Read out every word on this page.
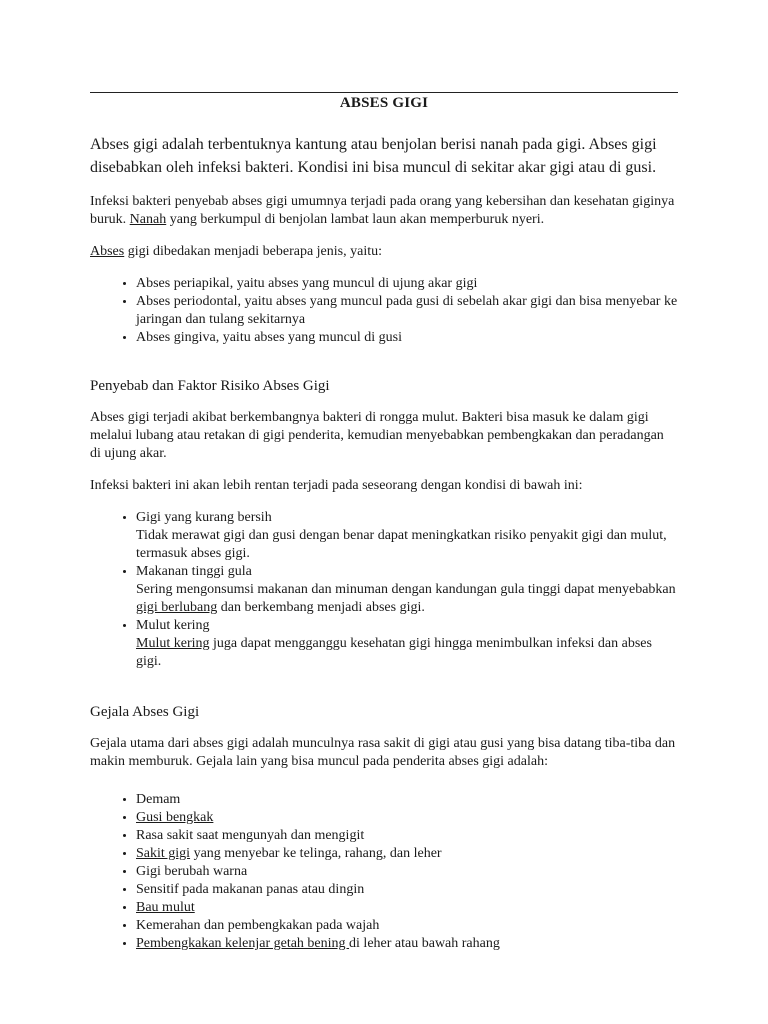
ABSES GIGI

Abses gigi adalah terbentuknya kantung atau benjolan berisi nanah pada gigi. Abses gigi disebabkan oleh infeksi bakteri. Kondisi ini bisa muncul di sekitar akar gigi atau di gusi.

Infeksi bakteri penyebab abses gigi umumnya terjadi pada orang yang kebersihan dan kesehatan giginya buruk. Nanah yang berkumpul di benjolan lambat laun akan memperburuk nyeri.

Abses gigi dibedakan menjadi beberapa jenis, yaitu:

• Abses periapikal, yaitu abses yang muncul di ujung akar gigi
• Abses periodontal, yaitu abses yang muncul pada gusi di sebelah akar gigi dan bisa menyebar ke jaringan dan tulang sekitarnya
• Abses gingiva, yaitu abses yang muncul di gusi

Penyebab dan Faktor Risiko Abses Gigi

Abses gigi terjadi akibat berkembangnya bakteri di rongga mulut. Bakteri bisa masuk ke dalam gigi melalui lubang atau retakan di gigi penderita, kemudian menyebabkan pembengkakan dan peradangan di ujung akar.

Infeksi bakteri ini akan lebih rentan terjadi pada seseorang dengan kondisi di bawah ini:

• Gigi yang kurang bersih
Tidak merawat gigi dan gusi dengan benar dapat meningkatkan risiko penyakit gigi dan mulut, termasuk abses gigi.
• Makanan tinggi gula
Sering mengonsumsi makanan dan minuman dengan kandungan gula tinggi dapat menyebabkan gigi berlubang dan berkembang menjadi abses gigi.
• Mulut kering
Mulut kering juga dapat mengganggu kesehatan gigi hingga menimbulkan infeksi dan abses gigi.

Gejala Abses Gigi

Gejala utama dari abses gigi adalah munculnya rasa sakit di gigi atau gusi yang bisa datang tiba-tiba dan makin memburuk. Gejala lain yang bisa muncul pada penderita abses gigi adalah:

• Demam
• Gusi bengkak
• Rasa sakit saat mengunyah dan mengigit
• Sakit gigi yang menyebar ke telinga, rahang, dan leher
• Gigi berubah warna
• Sensitif pada makanan panas atau dingin
• Bau mulut
• Kemerahan dan pembengkakan pada wajah
• Pembengkakan kelenjar getah bening di leher atau bawah rahang
